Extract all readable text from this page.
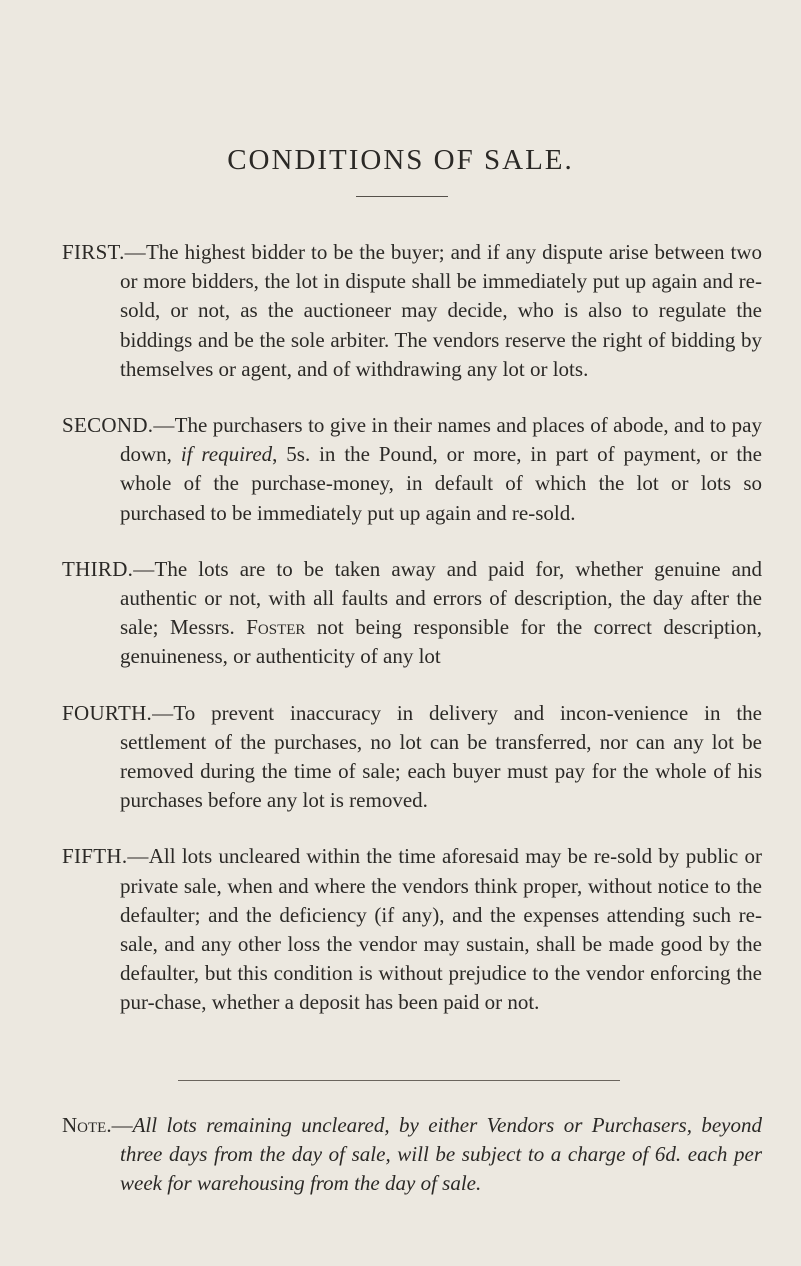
CONDITIONS OF SALE.

FIRST.—The highest bidder to be the buyer; and if any dispute arise between two or more bidders, the lot in dispute shall be immediately put up again and re-sold, or not, as the auctioneer may decide, who is also to regulate the biddings and be the sole arbiter. The vendors reserve the right of bidding by themselves or agent, and of withdrawing any lot or lots.

SECOND.—The purchasers to give in their names and places of abode, and to pay down, if required, 5s. in the Pound, or more, in part of payment, or the whole of the purchase-money, in default of which the lot or lots so purchased to be immediately put up again and re-sold.

THIRD.—The lots are to be taken away and paid for, whether genuine and authentic or not, with all faults and errors of description, the day after the sale; Messrs. Foster not being responsible for the correct description, genuineness, or authenticity of any lot

FOURTH.—To prevent inaccuracy in delivery and incon-venience in the settlement of the purchases, no lot can be transferred, nor can any lot be removed during the time of sale; each buyer must pay for the whole of his purchases before any lot is removed.

FIFTH.—All lots uncleared within the time aforesaid may be re-sold by public or private sale, when and where the vendors think proper, without notice to the defaulter; and the deficiency (if any), and the expenses attending such re-sale, and any other loss the vendor may sustain, shall be made good by the defaulter, but this condition is without prejudice to the vendor enforcing the pur-chase, whether a deposit has been paid or not.

Note.—All lots remaining uncleared, by either Vendors or Purchasers, beyond three days from the day of sale, will be subject to a charge of 6d. each per week for warehousing from the day of sale.
